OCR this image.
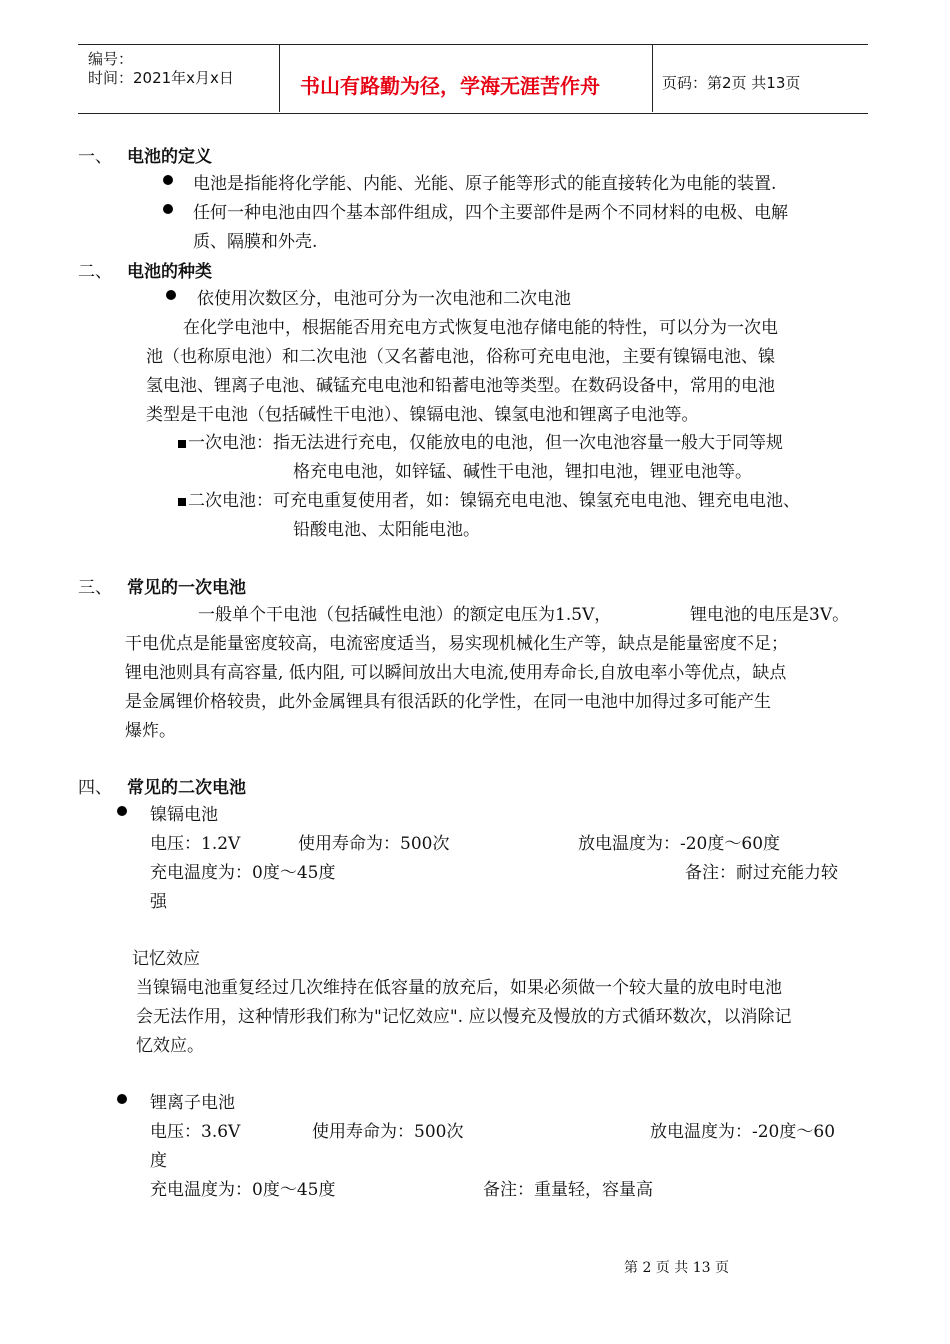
编号：
时间：2021年x月x日	书山有路勤为径，学海无涯苦作舟	页码：第2页 共13页
一、 电池的定义
电池是指能将化学能、内能、光能、原子能等形式的能直接转化为电能的装置.
任何一种电池由四个基本部件组成，四个主要部件是两个不同材料的电极、电解
质、隔膜和外壳.
二、 电池的种类
依使用次数区分，电池可分为一次电池和二次电池
在化学电池中，根据能否用充电方式恢复电池存储电能的特性，可以分为一次电
池（也称原电池）和二次电池（又名蓄电池，俗称可充电电池，主要有镍镉电池、镍
氢电池、锂离子电池、碱锰充电电池和铅蓄电池等类型。在数码设备中，常用的电池
类型是干电池（包括碱性干电池）、镍镉电池、镍氢电池和锂离子电池等。
一次电池：指无法进行充电，仅能放电的电池，但一次电池容量一般大于同等规
格充电电池，如锌锰、碱性干电池，锂扣电池，锂亚电池等。
二次电池：可充电重复使用者，如：镍镉充电电池、镍氢充电电池、锂充电电池、
铅酸电池、太阳能电池。
三、 常见的一次电池
一般单个干电池（包括碱性电池）的额定电压为1.5V，	锂电池的电压是3V。
干电优点是能量密度较高，电流密度适当，易实现机械化生产等，缺点是能量密度不足；
锂电池则具有高容量, 低内阻, 可以瞬间放出大电流,使用寿命长,自放电率小等优点，缺点
是金属锂价格较贵，此外金属锂具有很活跃的化学性，在同一电池中加得过多可能产生
爆炸。
四、 常见的二次电池
镍镉电池
电压：1.2V	使用寿命为：500次	放电温度为：-20度～60度
充电温度为：0度～45度	备注：耐过充能力较
强
记忆效应
当镍镉电池重复经过几次维持在低容量的放充后，如果必须做一个较大量的放电时电池
会无法作用，这种情形我们称为"记忆效应". 应以慢充及慢放的方式循环数次，以消除记
忆效应。
锂离子电池
电压：3.6V	使用寿命为：500次	放电温度为：-20度～60
度
充电温度为：0度～45度	备注：重量轻，容量高
第 2 页 共 13 页
